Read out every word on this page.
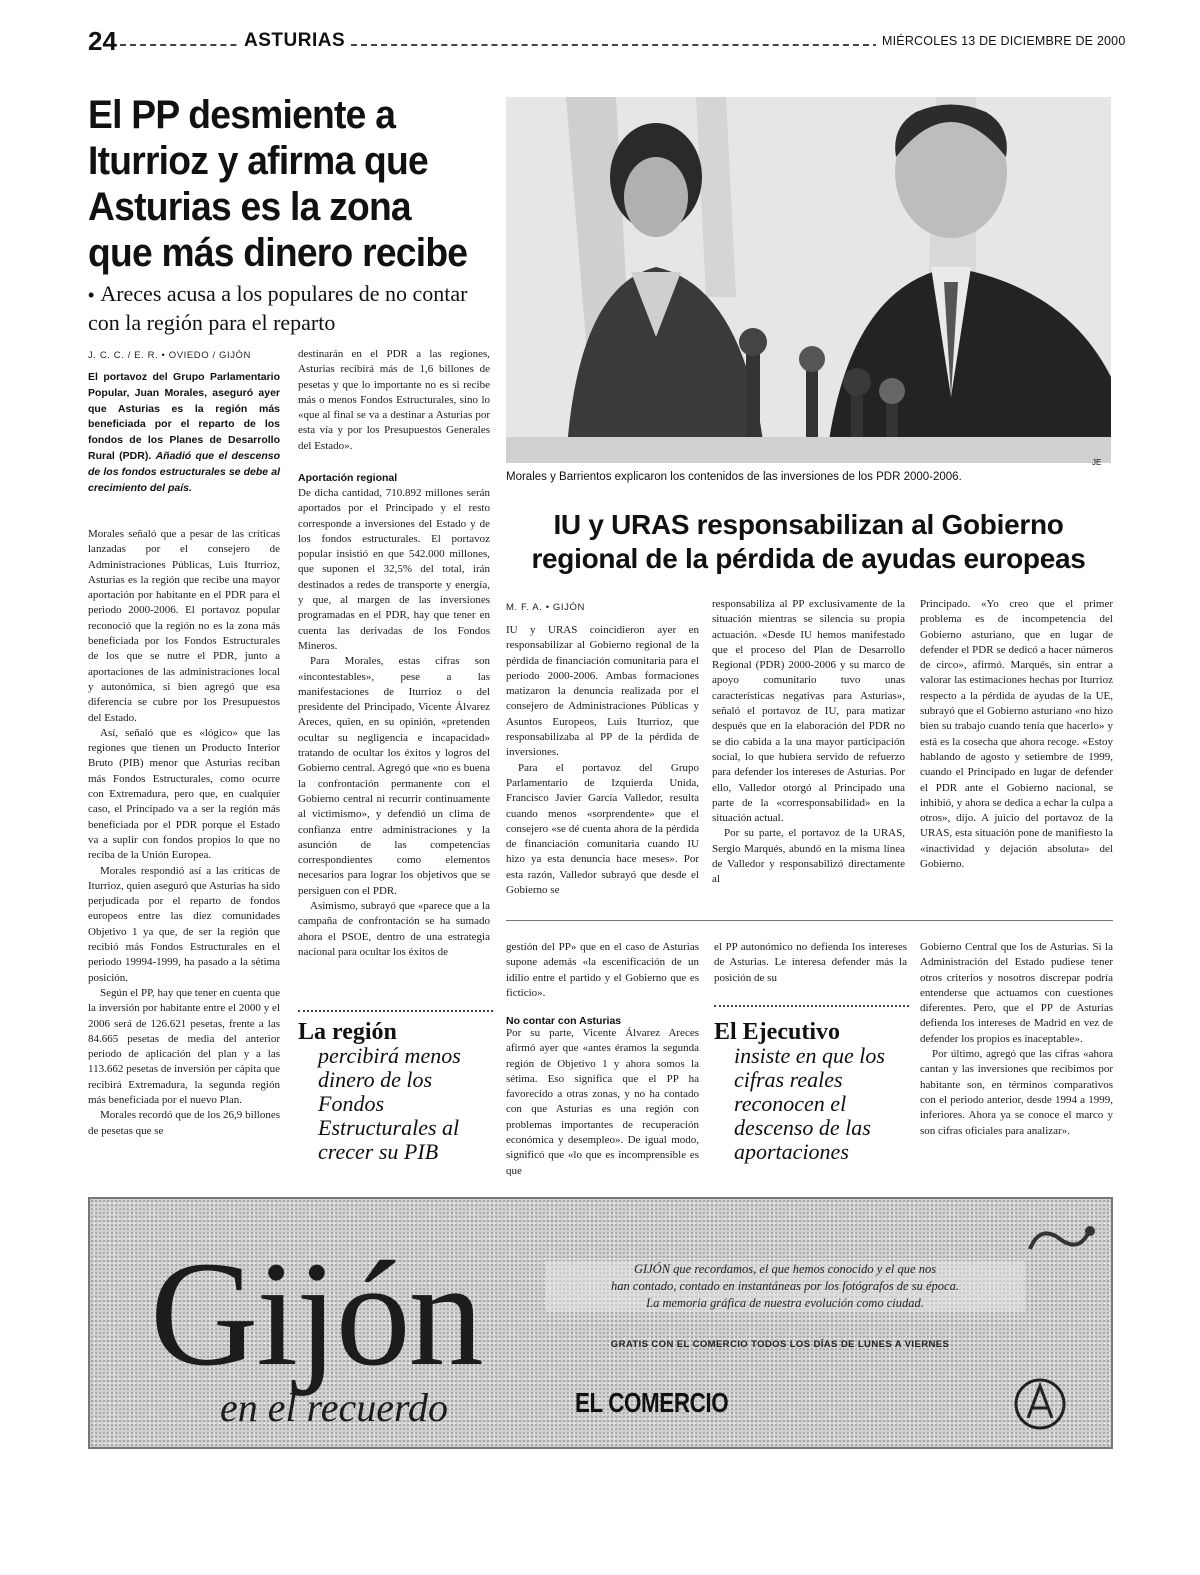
24	ASTURIAS	MIÉRCOLES 13 DE DICIEMBRE DE 2000
El PP desmiente a
Iturrioz y afirma que
Asturias es la zona
que más dinero recibe
• Areces acusa a los populares de no contar con la región para el reparto
J. C. C. / E. R. • OVIEDO / GIJÓN
El portavoz del Grupo Parlamentario Popular, Juan Morales, aseguró ayer que Asturias es la región más beneficiada por el reparto de los fondos de los Planes de Desarrollo Rural (PDR). Añadió que el descenso de los fondos estructurales se debe al crecimiento del país.

Morales señaló que a pesar de las críticas lanzadas por el consejero de Administraciones Públicas, Luis Iturrioz, Asturias es la región que recibe una mayor aportación por habitante en el PDR para el periodo 2000-2006. El portavoz popular reconoció que la región no es la zona más beneficiada por los Fondos Estructurales de los que se nutre el PDR, junto a aportaciones de las administraciones local y autonómica, si bien agregó que esa diferencia se cubre por los Presupuestos del Estado.

Así, señaló que es «lógico» que las regiones que tienen un Producto Interior Bruto (PIB) menor que Asturias reciban más Fondos Estructurales, como ocurre con Extremadura, pero que, en cualquier caso, el Principado va a ser la región más beneficiada por el PDR porque el Estado va a suplir con fondos propios lo que no reciba de la Unión Europea.

Morales respondió así a las críticas de Iturrioz, quien aseguró que Asturias ha sido perjudicada por el reparto de fondos europeos entre las diez comunidades Objetivo 1 ya que, de ser la región que recibió más Fondos Estructurales en el periodo 19994-1999, ha pasado a la sétima posición.

Según el PP, hay que tener en cuenta que la inversión por habitante entre el 2000 y el 2006 será de 126.621 pesetas, frente a las 84.665 pesetas de media del anterior periodo de aplicación del plan y a las 113.662 pesetas de inversión per cápita que recibirá Extremadura, la segunda región más beneficiada por el nuevo Plan.

Morales recordó que de los 26,9 billones de pesetas que se

destinarán en el PDR a las regiones, Asturias recibirá más de 1,6 billones de pesetas y que lo importante no es si recibe más o menos Fondos Estructurales, sino lo «que al final se va a destinar a Asturias por esta vía y por los Presupuestos Generales del Estado».

Aportación regional

De dicha cantidad, 710.892 millones serán aportados por el Principado y el resto corresponde a inversiones del Estado y de los fondos estructurales. El portavoz popular insistió en que 542.000 millones, que suponen el 32,5% del total, irán destinados a redes de transporte y energía, y que, al margen de las inversiones programadas en el PDR, hay que tener en cuenta las derivadas de los Fondos Mineros.

Para Morales, estas cifras son «incontestables», pese a las manifestaciones de Iturrioz o del presidente del Principado, Vicente Álvarez Areces, quien, en su opinión, «pretenden ocultar su negligencia e incapacidad» tratando de ocultar los éxitos y logros del Gobierno central. Agregó que «no es buena la confrontación permanente con el Gobierno central ni recurrir continuamente al victimismo», y defendió un clima de confianza entre administraciones y la asunción de las competencias correspondientes como elementos necesarios para lograr los objetivos que se persiguen con el PDR.

Asimismo, subrayó que «parece que a la campaña de confrontación se ha sumado ahora el PSOE, dentro de una estrategia nacional para ocultar los éxitos de

La región
percibirá menos dinero de los Fondos Estructurales al crecer su PIB
JE
Morales y Barrientos explicaron los contenidos de las inversiones de los PDR 2000-2006.
IU y URAS responsabilizan al Gobierno
regional de la pérdida de ayudas europeas
M. F. A. • GIJÓN

IU y URAS coincidieron ayer en responsabilizar al Gobierno regional de la pérdida de financiación comunitaria para el periodo 2000-2006. Ambas formaciones matizaron la denuncia realizada por el consejero de Administraciones Públicas y Asuntos Europeos, Luis Iturrioz, que responsabilizaba al PP de la pérdida de inversiones.

Para el portavoz del Grupo Parlamentario de Izquierda Unida, Francisco Javier García Valledor, resulta cuando menos «sorprendente» que el consejero «se dé cuenta ahora de la pérdida de financiación comunitaria cuando IU hizo ya esta denuncia hace meses». Por esta razón, Valledor subrayó que desde el Gobierno se

responsabiliza al PP exclusivamente de la situación mientras se silencia su propia actuación. «Desde IU hemos manifestado que el proceso del Plan de Desarrollo Regional (PDR) 2000-2006 y su marco de apoyo comunitario tuvo unas características negativas para Asturias», señaló el portavoz de IU, para matizar después que en la elaboración del PDR no se dio cabida a la una mayor participación social, lo que hubiera servido de refuerzo para defender los intereses de Asturias. Por ello, Valledor otorgó al Principado una parte de la «corresponsabilidad» en la situación actual.

Por su parte, el portavoz de la URAS, Sergio Marqués, abundó en la misma línea de Valledor y responsabilizó directamente al

Principado. «Yo creo que el primer problema es de incompetencia del Gobierno asturiano, que en lugar de defender el PDR se dedicó a hacer números de circo», afirmó. Marqués, sin entrar a valorar las estimaciones hechas por Iturrioz respecto a la pérdida de ayudas de la UE, subrayó que el Gobierno asturiano «no hizo bien su trabajo cuando tenía que hacerlo» y está es la cosecha que ahora recoge. «Estoy hablando de agosto y setiembre de 1999, cuando el Principado en lugar de defender el PDR ante el Gobierno nacional, se inhibió, y ahora se dedica a echar la culpa a otros», dijo. A juicio del portavoz de la URAS, esta situación pone de manifiesto la «inactividad y dejación absoluta» del Gobierno.

gestión del PP» que en el caso de Asturias supone además «la escenificación de un idilio entre el partido y el Gobierno que es ficticio».

No contar con Asturias

Por su parte, Vicente Álvarez Areces afirmó ayer que «antes éramos la segunda región de Objetivo 1 y ahora somos la sétima. Eso significa que el PP ha favorecido a otras zonas, y no ha contado con que Asturias es una región con problemas importantes de recuperación económica y desempleo». De igual modo, significó que «lo que es incomprensible es que

el PP autonómico no defienda los intereses de Asturias. Le interesa defender más la posición de su

El Ejecutivo
insiste en que los cifras reales reconocen el descenso de las aportaciones

Gobierno Central que los de Asturias. Si la Administración del Estado pudiese tener otros criterios y nosotros discrepar podría entenderse que actuamos con cuestiones diferentes. Pero, que el PP de Asturias defienda los intereses de Madrid en vez de defender los propios es inaceptable».

Por último, agregó que las cifras «ahora cantan y las inversiones que recibimos por habitante son, en términos comparativos con el periodo anterior, desde 1994 a 1999, inferiores. Ahora ya se conoce el marco y son cifras oficiales para analizar».

Gijón
en el recuerdo
GIJÓN que recordamos, el que hemos conocido y el que nos
han contado, contado en instantáneas por los fotógrafos de su época.
La memoria gráfica de nuestra evolución como ciudad.
GRATIS CON EL COMERCIO TODOS LOS DÍAS DE LUNES A VIERNES
EL COMERCIO
